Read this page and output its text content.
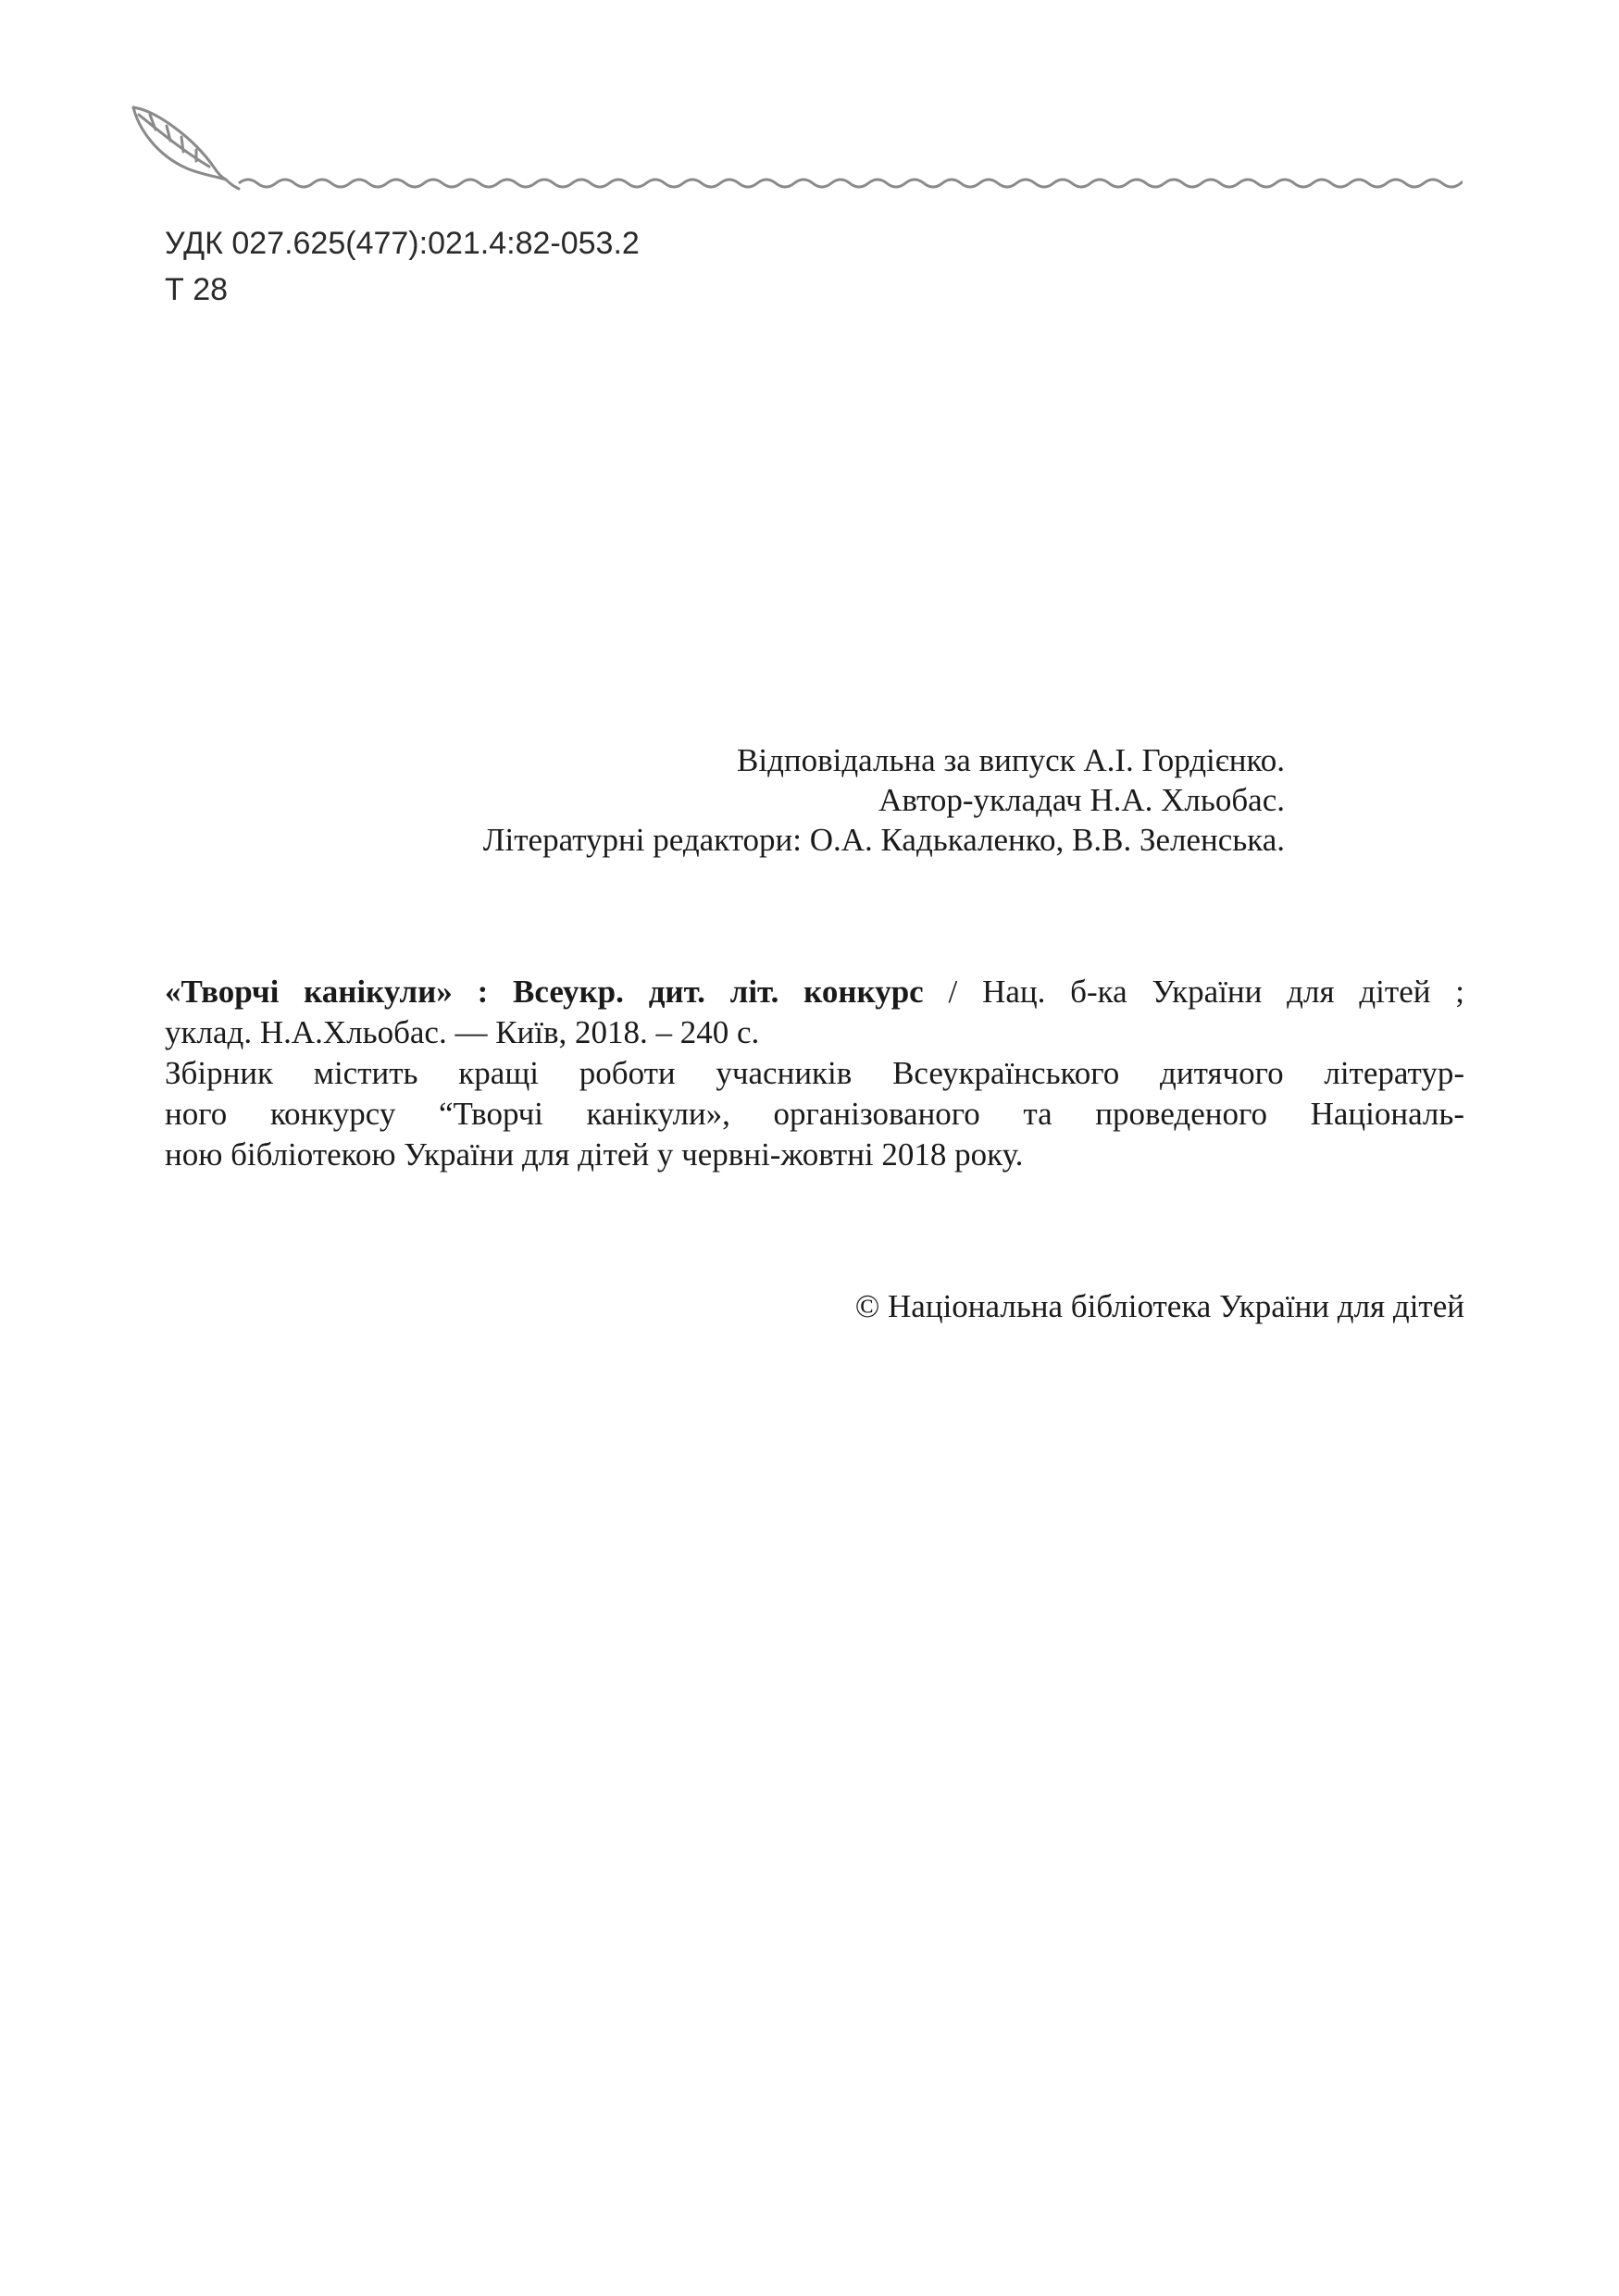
УДК 027.625(477):021.4:82-053.2
Т 28
Відповідальна за випуск А.І. Гордієнко.
Автор-укладач Н.А. Хльобас.
Літературні редактори: О.А. Кадькаленко, В.В. Зеленська.
«Творчі канікули» : Всеукр. дит. літ. конкурс / Нац. б-ка України для дітей ;
уклад. Н.А.Хльобас. — Київ, 2018. – 240 с.
Збірник містить кращі роботи учасників Всеукраїнського дитячого літератур-
ного конкурсу “Творчі канікули», організованого та проведеного Національ-
ною бібліотекою України для дітей у червні-жовтні 2018 року.
© Національна бібліотека України для дітей
